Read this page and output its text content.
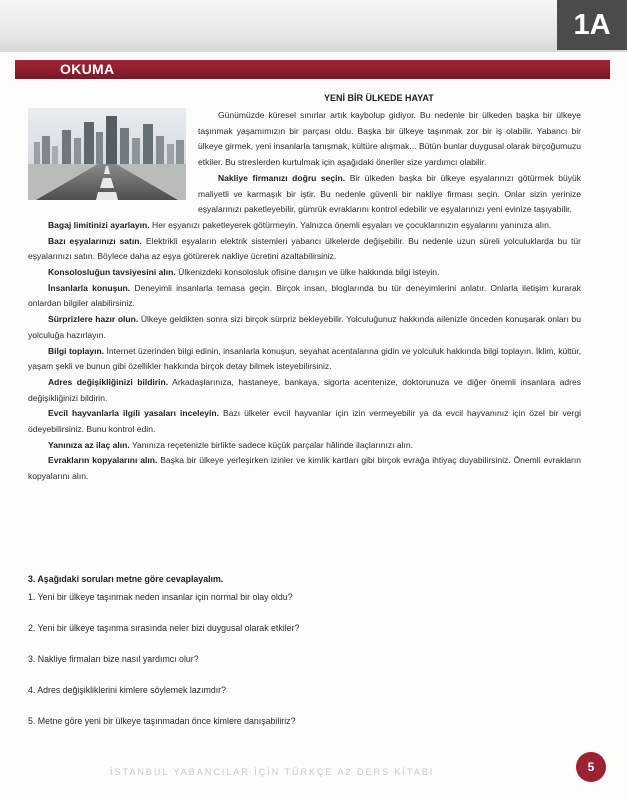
1A
OKUMA
YENİ BİR ÜLKEDE HAYAT

Günümüzde küresel sınırlar artık kaybolup gidiyor. Bu nedenle bir ülkeden başka bir ülkeye taşınmak yaşamımızın bir parçası oldu. Başka bir ülkeye taşınmak zor bir iş olabilir. Yabancı bir ülkeye girmek, yeni insanlarla tanışmak, kültüre alışmak... Bütün bunlar duygusal olarak birçoğumuzu etkiler. Bu streslerden kurtulmak için aşağıdaki öneriler size yardımcı olabilir.

Nakliye firmanızı doğru seçin. Bir ülkeden başka bir ülkeye eşyalarınızı götürmek büyük maliyetli ve karmaşık bir iştir. Bu nedenle güvenli bir nakliye firması seçin. Onlar sizin yerinize eşyalarınızı paketleyebilir, gümrük evraklarını kontrol edebilir ve eşyalarınızı yeni evinize taşıyabilir.

Bagaj limitinizi ayarlayın. Her eşyanızı paketleyerek götürmeyin. Yalnızca önemli eşyaları ve çocuklarınızın eşyalarını yanınıza alın.

Bazı eşyalarınızı satın. Elektrikli eşyaların elektrik sistemleri yabancı ülkelerde değişebilir. Bu nedenle uzun süreli yolculuklarda bu tür eşyalarınızı satın. Böylece daha az eşya götürerek nakliye ücretini azaltabilirsiniz.

Konsolosluğun tavsiyesini alın. Ülkenizdeki konsolosluk ofisine danışın ve ülke hakkında bilgi isteyin.

İnsanlarla konuşun. Deneyimli insanlarla temasa geçin. Birçok insan, bloglarında bu tür deneyimlerini anlatır. Onlarla iletişim kurarak onlardan bilgiler alabilirsiniz.

Sürprizlere hazır olun. Ülkeye geldikten sonra sizi birçok sürpriz bekleyebilir. Yolculuğunuz hakkında ailenizle önceden konuşarak onları bu yolculuğa hazırlayın.

Bilgi toplayın. İnternet üzerinden bilgi edinin, insanlarla konuşun, seyahat acentalarına gidin ve yolculuk hakkında bilgi toplayın. İklim, kültür, yaşam şekli ve bunun gibi özellikler hakkında birçok detay bilmek isteyebilirsiniz.

Adres değişikliğinizi bildirin. Arkadaşlarınıza, hastaneye, bankaya, sigorta acentenize, doktorunuza ve diğer önemli insanlara adres değişikliğinizi bildirin.

Evcil hayvanlarla ilgili yasaları inceleyin. Bazı ülkeler evcil hayvanlar için izin vermeyebilir ya da evcil hayvanınız için özel bir vergi ödeyebilirsiniz. Bunu kontrol edin.

Yanınıza az ilaç alın. Yanınıza reçetenizle birlikte sadece küçük parçalar hâlinde ilaçlarınızı alın.

Evrakların kopyalarını alın. Başka bir ülkeye yerleşirken izinler ve kimlik kartları gibi birçok evrağa ihtiyaç duyabilirsiniz. Önemli evrakların kopyalarını alın.

3. Aşağıdaki soruları metne göre cevaplayalım.

1. Yeni bir ülkeye taşınmak neden insanlar için normal bir olay oldu?

2. Yeni bir ülkeye taşınma sırasında neler bizi duygusal olarak etkiler?

3. Nakliye firmaları bize nasıl yardımcı olur?

4. Adres değişikliklerini kimlere söylemek lazımdır?

5. Metne göre yeni bir ülkeye taşınmadan önce kimlere danışabiliriz?

İSTANBUL YABANCILAR İÇİN TÜRKÇE A2 DERS KİTABI	5
